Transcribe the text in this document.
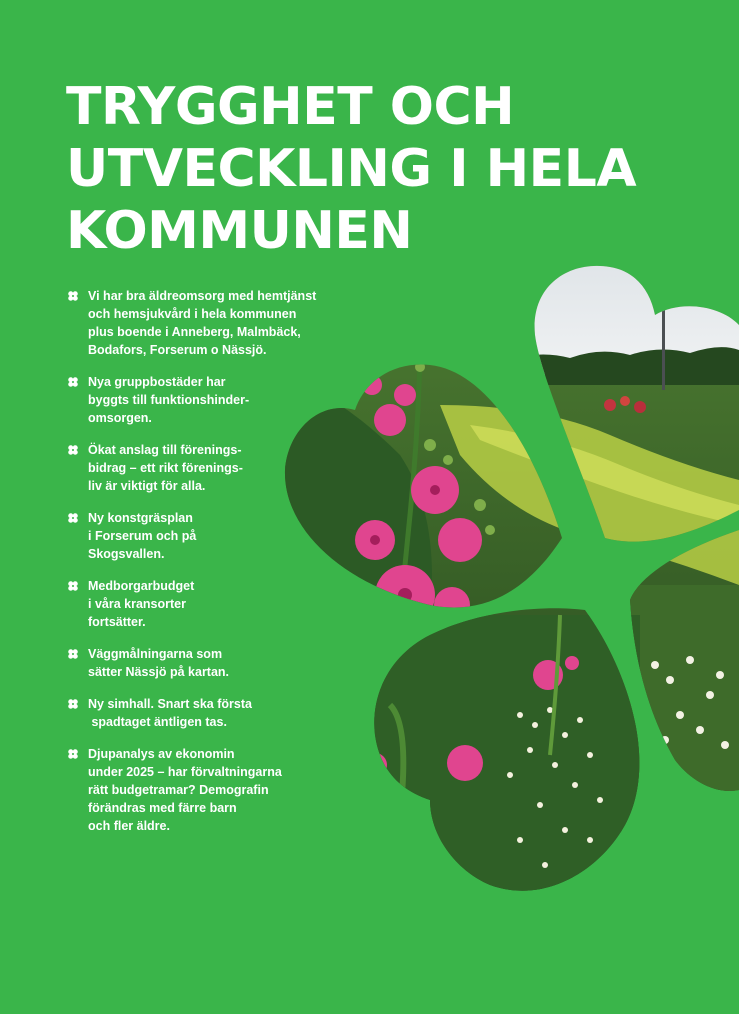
TRYGGHET OCH
UTVECKLING I HELA
KOMMUNEN
Vi har bra äldreomsorg med hemtjänst
och hemsjukvård i hela kommunen
plus boende i Anneberg, Malmbäck,
Bodafors, Forserum o Nässjö.
Nya gruppbostäder har
byggts till funktionshinder-
omsorgen.
Ökat anslag till förenings-
bidrag – ett rikt förenings-
liv är viktigt för alla.
Ny konstgräsplan
i Forserum och på
Skogsvallen.
Medborgarbudget
i våra kransorter
fortsätter.
Väggmålningarna som
sätter Nässjö på kartan.
Ny simhall. Snart ska första
spadtaget äntligen tas.
Djupanalys av ekonomin
under 2025 – har förvaltningarna
rätt budgetramar? Demografin
förändras med färre barn
och fler äldre.
